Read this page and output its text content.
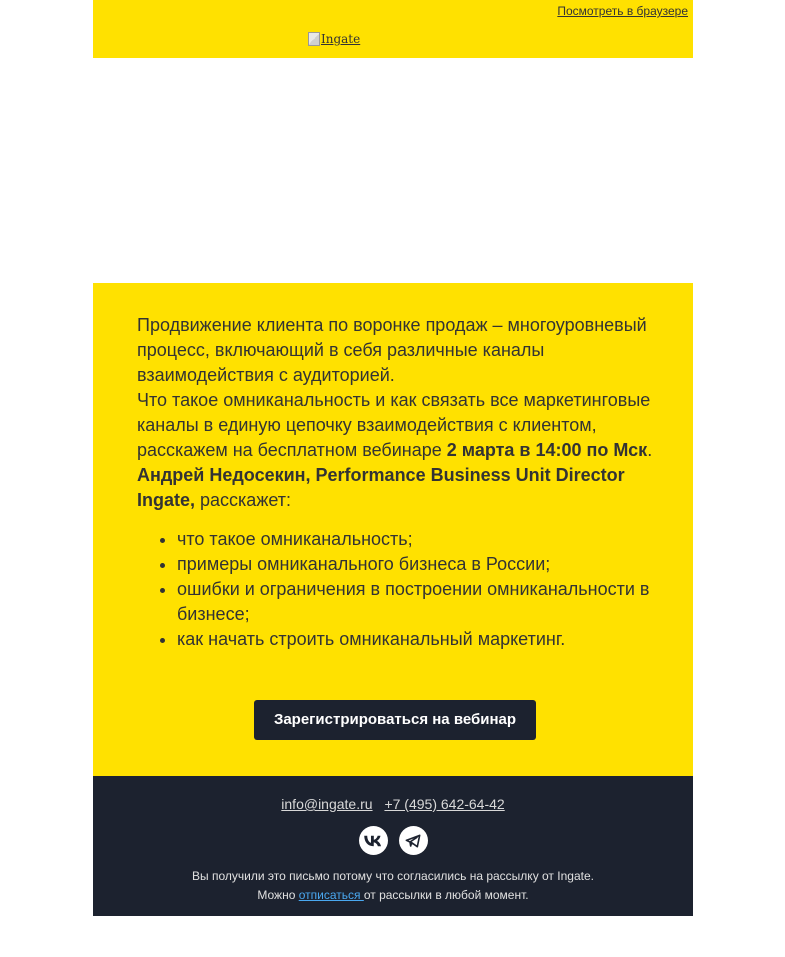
Посмотреть в браузере
Ingate

Продвижение клиента по воронке продаж – многоуровневый процесс, включающий в себя различные каналы взаимодействия с аудиторией.

Что такое омниканальность и как связать все маркетинговые каналы в единую цепочку взаимодействия с клиентом, расскажем на бесплатном вебинаре 2 марта в 14:00 по Мск.

Андрей Недосекин, Performance Business Unit Director Ingate, расскажет:

• что такое омниканальность;
• примеры омниканального бизнеса в России;
• ошибки и ограничения в построении омниканальности в бизнесе;
• как начать строить омниканальный маркетинг.
Зарегистрироваться на вебинар
info@ingate.ru +7 (495) 642-64-42
Вы получили это письмо потому что согласились на рассылку от Ingate.
Можно отписаться от рассылки в любой момент.
